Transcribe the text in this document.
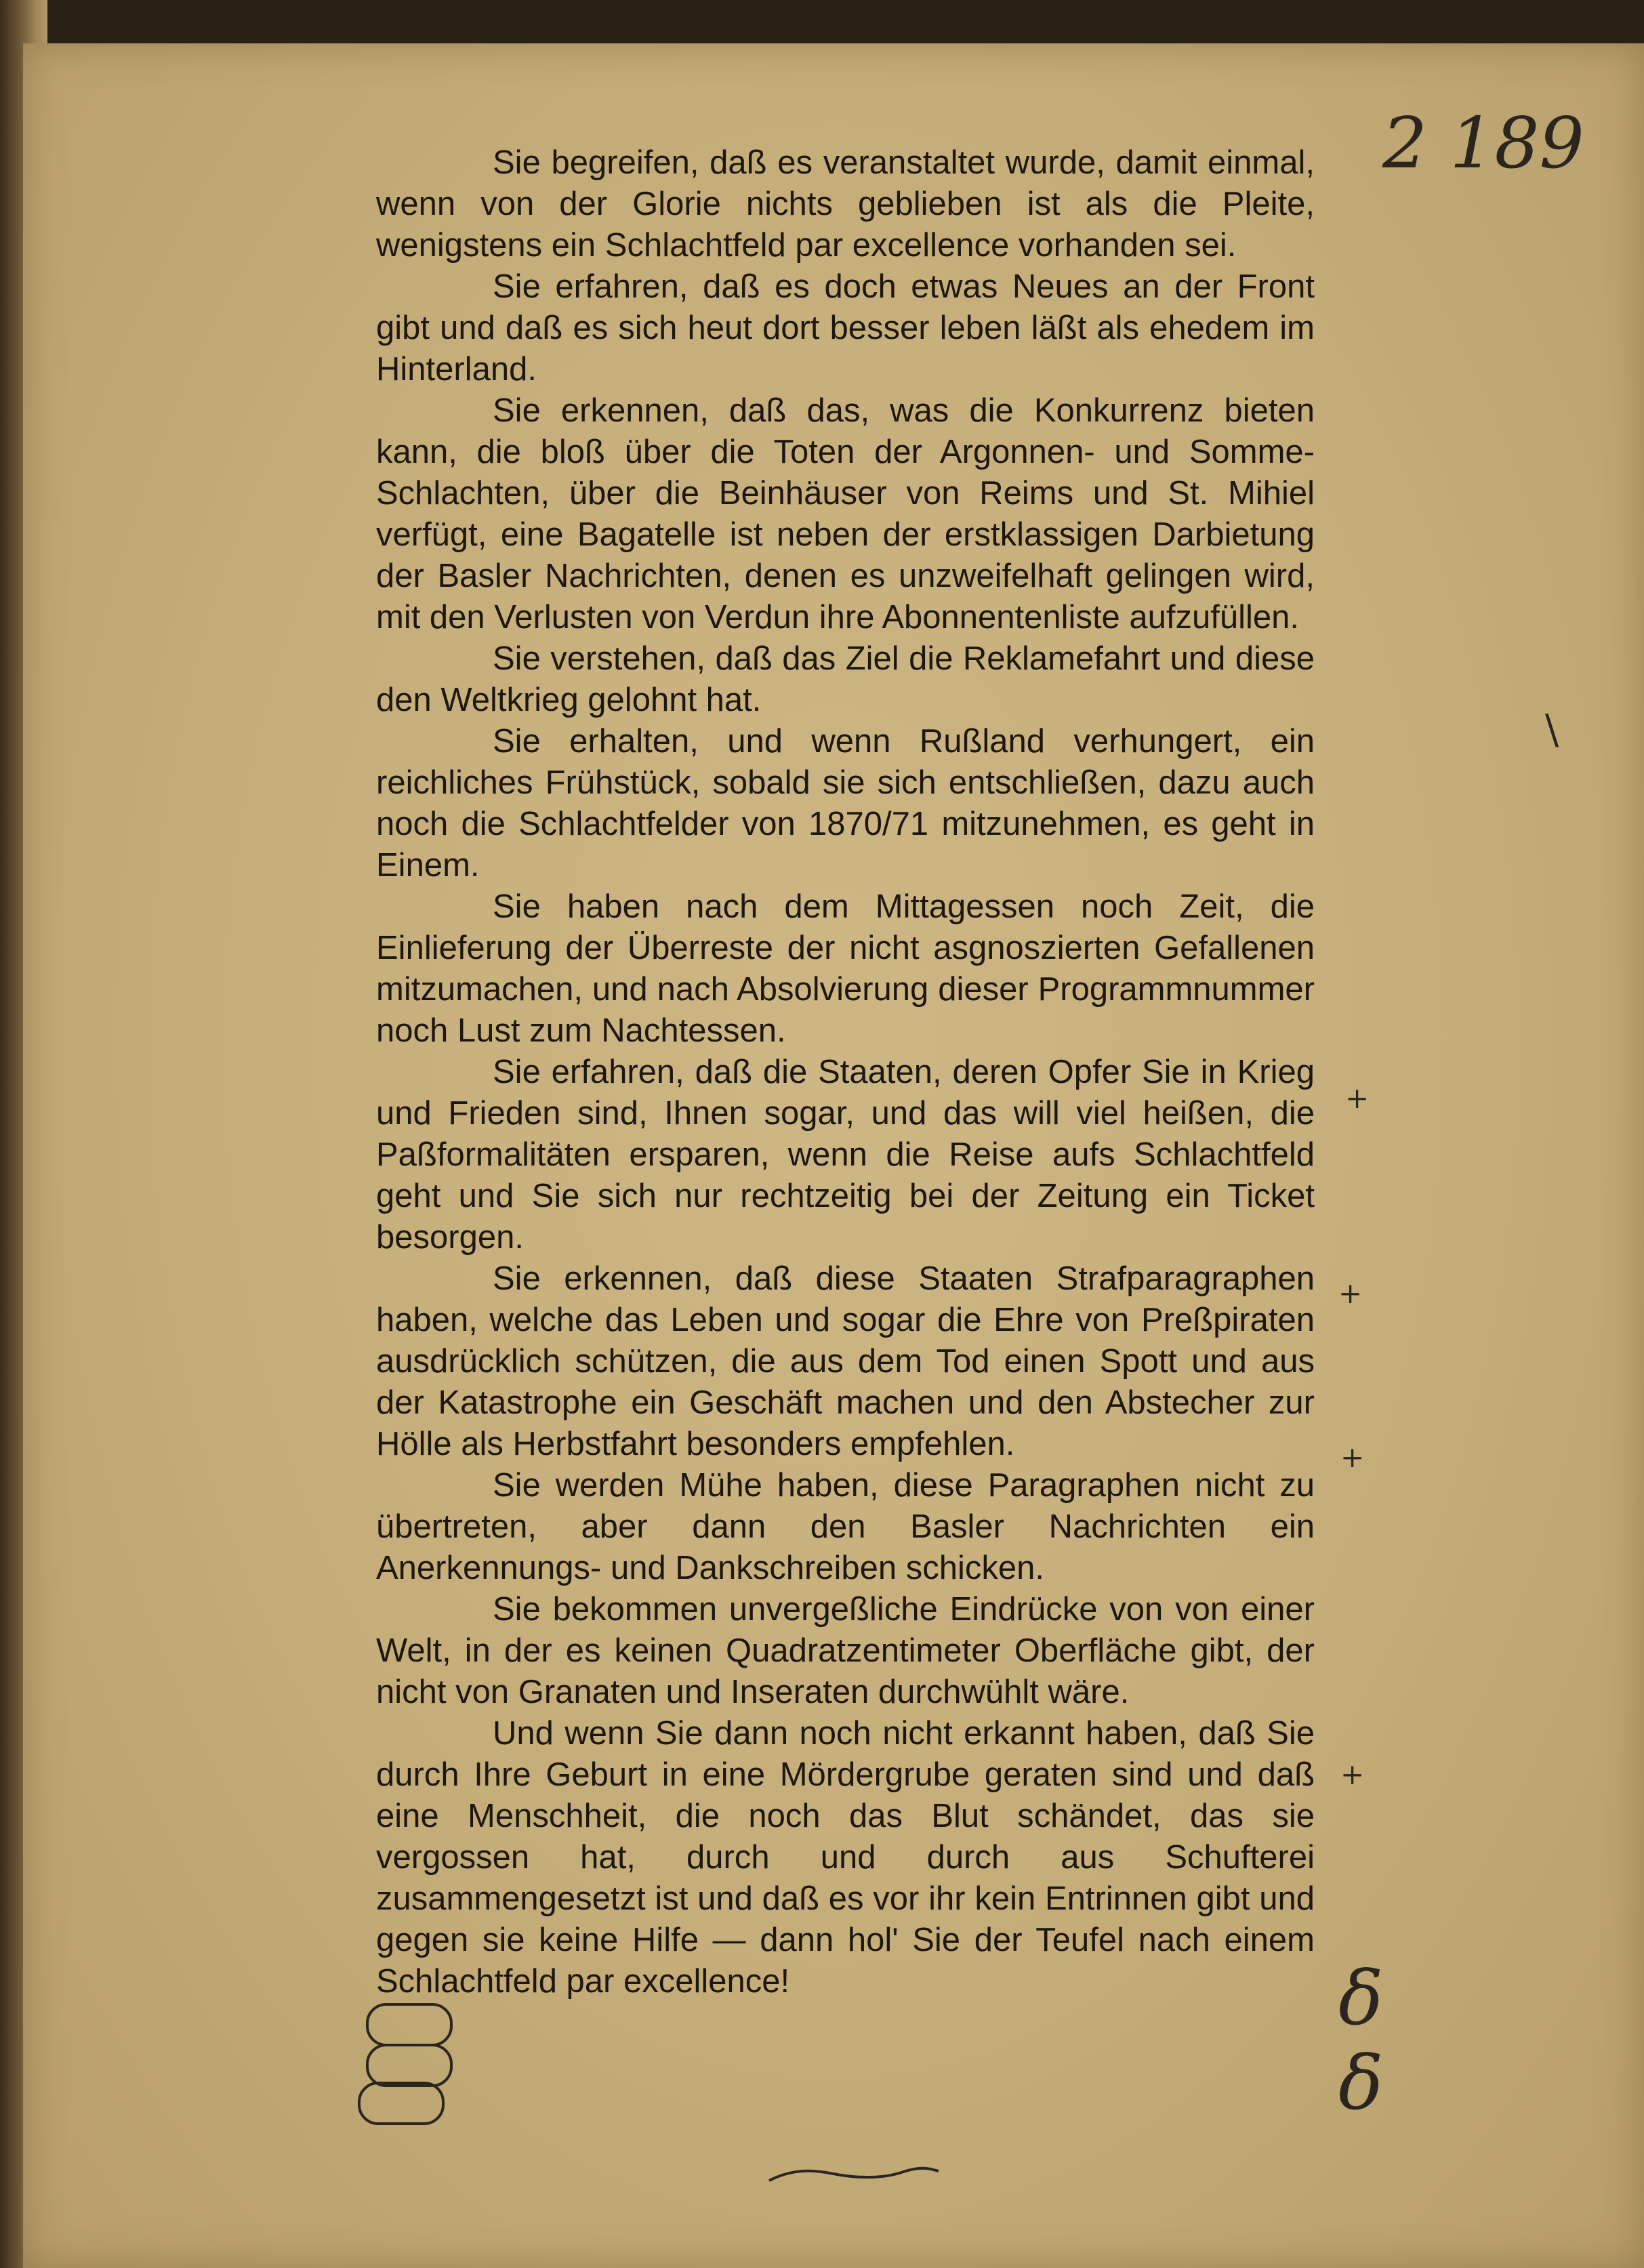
2 189

Sie begreifen, daß es veranstaltet wurde, damit einmal, wenn von der Glorie nichts geblieben ist als die Pleite, wenigstens ein Schlachtfeld par excellence vorhanden sei.

Sie erfahren, daß es doch etwas Neues an der Front gibt und daß es sich heut dort besser leben läßt als ehedem im Hinterland.

Sie erkennen, daß das, was die Konkurrenz bieten kann, die bloß über die Toten der Argonnen- und Somme-Schlachten, über die Beinhäuser von Reims und St. Mihiel verfügt, eine Bagatelle ist neben der erstklassigen Darbietung der Basler Nachrichten, denen es unzweifelhaft gelingen wird, mit den Verlusten von Verdun ihre Abonnentenliste aufzufüllen.

Sie verstehen, daß das Ziel die Reklamefahrt und diese den Weltkrieg gelohnt hat.

Sie erhalten, und wenn Rußland verhungert, ein reichliches Frühstück, sobald sie sich entschließen, dazu auch noch die Schlachtfelder von 1870/71 mitzunehmen, es geht in Einem.

Sie haben nach dem Mittagessen noch Zeit, die Einlieferung der Überreste der nicht asgnoszierten Gefallenen mitzumachen, und nach Absolvierung dieser Programmnummer noch Lust zum Nachtessen.

Sie erfahren, daß die Staaten, deren Opfer Sie in Krieg und Frieden sind, Ihnen sogar, und das will viel heißen, die Paßformalitäten ersparen, wenn die Reise aufs Schlachtfeld geht und Sie sich nur rechtzeitig bei der Zeitung ein Ticket besorgen.

Sie erkennen, daß diese Staaten Strafparagraphen haben, welche das Leben und sogar die Ehre von Preßpiraten ausdrücklich schützen, die aus dem Tod einen Spott und aus der Katastrophe ein Geschäft machen und den Abstecher zur Hölle als Herbstfahrt besonders empfehlen.

Sie werden Mühe haben, diese Paragraphen nicht zu übertreten, aber dann den Basler Nachrichten ein Anerkennungs- und Dankschreiben schicken.

Sie bekommen unvergeßliche Eindrücke von von einer Welt, in der es keinen Quadratzentimeter Oberfläche gibt, der nicht von Granaten und Inseraten durchwühlt wäre.

Und wenn Sie dann noch nicht erkannt haben, daß Sie durch Ihre Geburt in eine Mördergrube geraten sind und daß eine Menschheit, die noch das Blut schändet, das sie vergossen hat, durch und durch aus Schufterei zusammengesetzt ist und daß es vor ihr kein Entrinnen gibt und gegen sie keine Hilfe — dann hol' Sie der Teufel nach einem Schlachtfeld par excellence!

\
+
+
+
+
δ
δ
